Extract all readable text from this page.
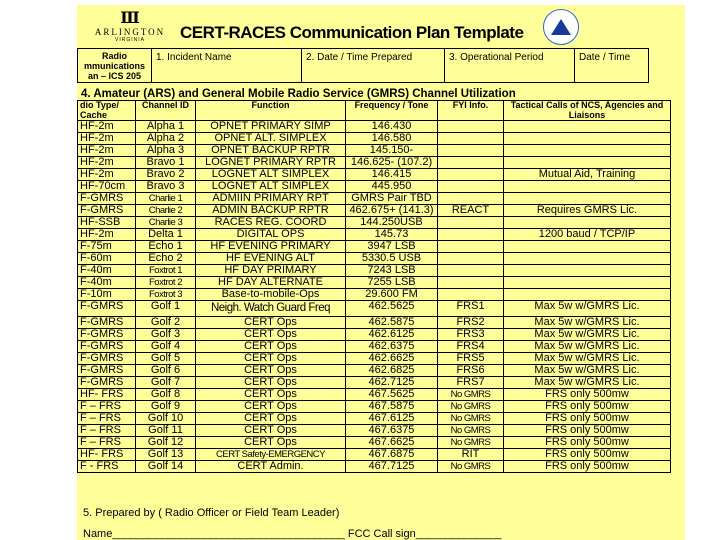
Ⅲ
ARLINGTON
VIRGINIA	CERT-RACES Communication Plan Template
Radio
mmunications
an – ICS 205
1. Incident Name	2. Date / Time Prepared	3. Operational Period	Date / Time
4. Amateur (ARS) and General Mobile Radio Service (GMRS) Channel Utilization
dio Type/ Cache	Channel ID	Function	Frequency / Tone	FYI Info.	Tactical Calls of NCS, Agencies and Liaisons
HF-2m	Alpha 1	OPNET PRIMARY SIMP	146.430		
HF-2m	Alpha 2	OPNET ALT. SIMPLEX	146.580		
HF-2m	Alpha 3	OPNET BACKUP RPTR	145.150-		
HF-2m	Bravo 1	LOGNET PRIMARY RPTR	146.625- (107.2)		
HF-2m	Bravo 2	LOGNET ALT SIMPLEX	146.415		Mutual Aid, Training
HF-70cm	Bravo 3	LOGNET ALT SIMPLEX	445.950		
F-GMRS	Charlie 1	ADMIIN PRIMARY RPT	GMRS Pair TBD		
F-GMRS	Charlie 2	ADMIN BACKUP RPTR	462.675+ (141.3)	REACT	Requires GMRS Lic.
HF-SSB	Charlie 3	RACES REG. COORD	144.250USB		
HF-2m	Delta 1	DIGITAL OPS	145.73		1200 baud / TCP/IP
F-75m	Echo 1	HF EVENING PRIMARY	3947 LSB		
F-60m	Echo 2	HF EVENING ALT	5330.5 USB		
F-40m	Foxtrot 1	HF DAY PRIMARY	7243 LSB		
F-40m	Foxtrot 2	HF DAY ALTERNATE	7255 LSB		
F-10m	Foxtrot 3	Base-to-mobile-Ops	29.600 FM		
F-GMRS	Golf 1	Neigh. Watch Guard Freq	462.5625	FRS1	Max 5w w/GMRS Lic.
F-GMRS	Golf 2	CERT Ops	462.5875	FRS2	Max 5w w/GMRS Lic.
F-GMRS	Golf 3	CERT Ops	462.6125	FRS3	Max 5w w/GMRS Lic.
F-GMRS	Golf 4	CERT Ops	462.6375	FRS4	Max 5w w/GMRS Lic.
F-GMRS	Golf 5	CERT Ops	462.6625	FRS5	Max 5w w/GMRS Lic.
F-GMRS	Golf 6	CERT Ops	462.6825	FRS6	Max 5w w/GMRS Lic.
F-GMRS	Golf 7	CERT Ops	462.7125	FRS7	Max 5w w/GMRS Lic.
HF- FRS	Golf 8	CERT Ops	467.5625	No GMRS	FRS only 500mw
F – FRS	Golf 9	CERT Ops	467.5875	No GMRS	FRS only 500mw
F – FRS	Golf 10	CERT Ops	467.6125	No GMRS	FRS only 500mw
F – FRS	Golf 11	CERT Ops	467.6375	No GMRS	FRS only 500mw
F – FRS	Golf 12	CERT Ops	467.6625	No GMRS	FRS only 500mw
HF- FRS	Golf 13	CERT Safety-EMERGENCY	467.6875	RIT	FRS only 500mw
F - FRS	Golf 14	CERT Admin.	467.7125	No GMRS	FRS only 500mw
5. Prepared by ( Radio Officer or Field Team Leader)
Name______________________________________ FCC Call sign______________
